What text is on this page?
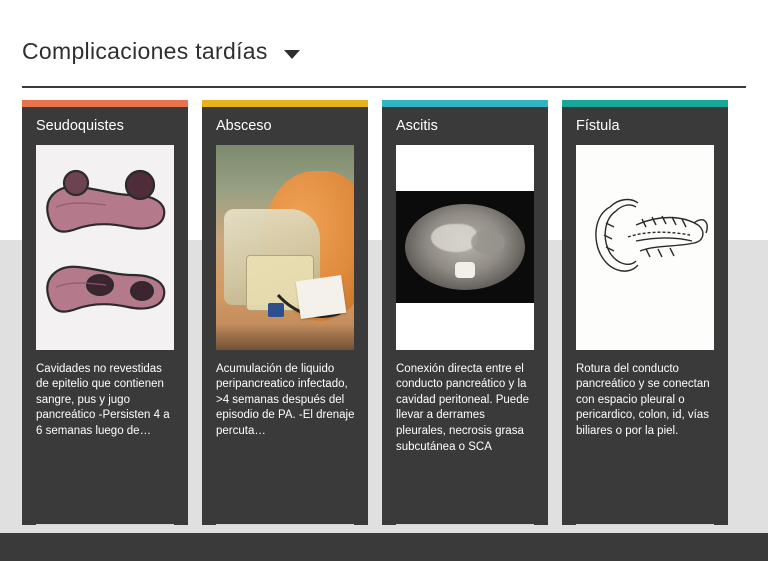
Complicaciones tardías
Seudoquistes
Cavidades no revestidas de epitelio que contienen sangre, pus y jugo pancreático -Persisten 4 a 6 semanas luego de…
Absceso
Acumulación de liquido peripancreatico infectado, >4 semanas después del episodio de PA. -El drenaje percuta…
Ascitis
Conexión directa entre el conducto pancreático y la cavidad peritoneal. Puede llevar a derrames pleurales, necrosis grasa subcutánea o SCA
Fístula
Rotura del conducto pancreático y se conectan con espacio pleural o pericardico, colon, id, vías biliares o por la piel.
